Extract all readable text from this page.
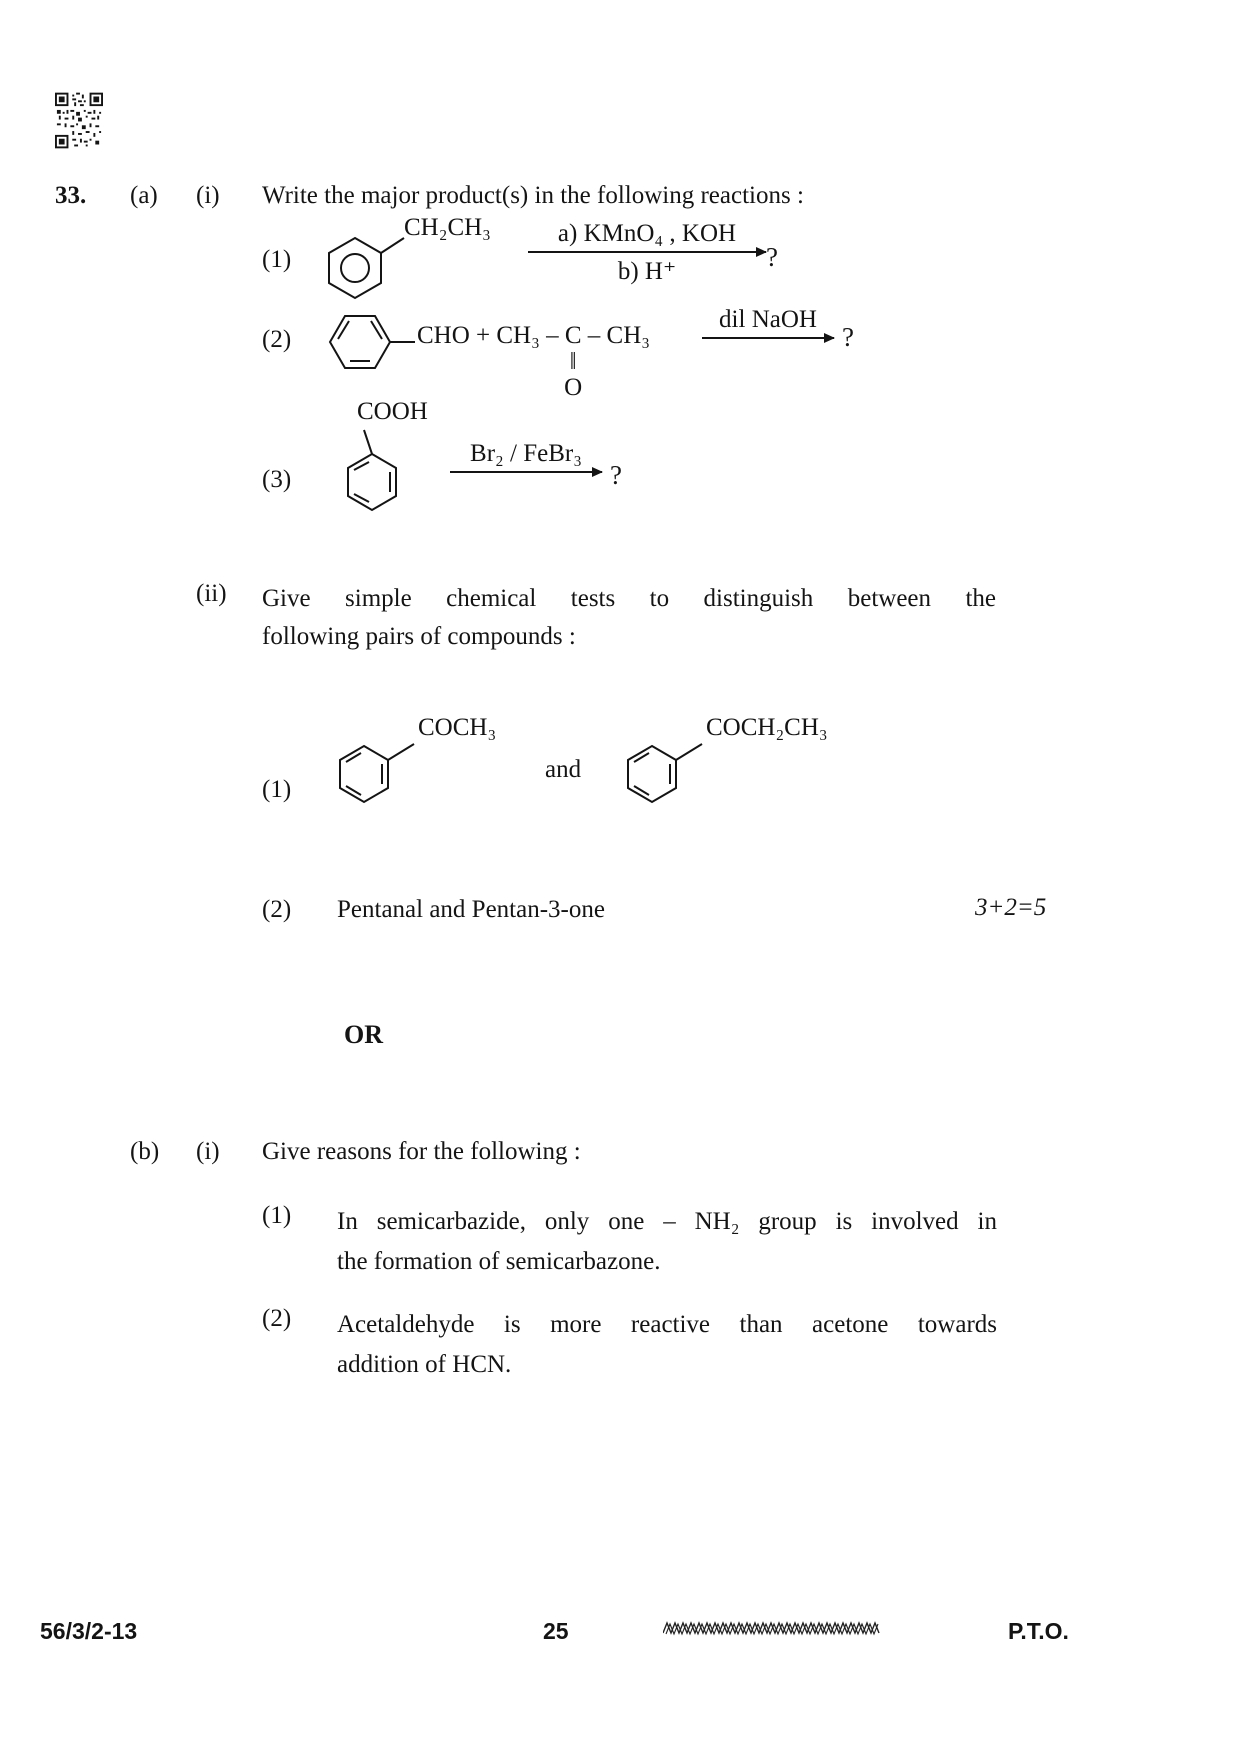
33. (a) (i) Write the major product(s) in the following reactions :
(1)
CH₂CH₃	a) KMnO₄ , KOH
b) H⁺	?
(2)	CHO + CH₃ – C
‖
O
– CH₃
dil NaOH
?
COOH
(3)
Br₂ / FeBr₃
?
(ii) Give simple chemical tests to distinguish between the
following pairs of compounds :
(1)
COCH₃
and
COCH₂CH₃
(2) Pentanal and Pentan-3-one	3+2=5
OR
(b) (i) Give reasons for the following :
(1) In semicarbazide, only one – NH₂ group is involved in
the formation of semicarbazone.
(2) Acetaldehyde is more reactive than acetone towards
addition of HCN.
56/3/2-13	25	P.T.O.
